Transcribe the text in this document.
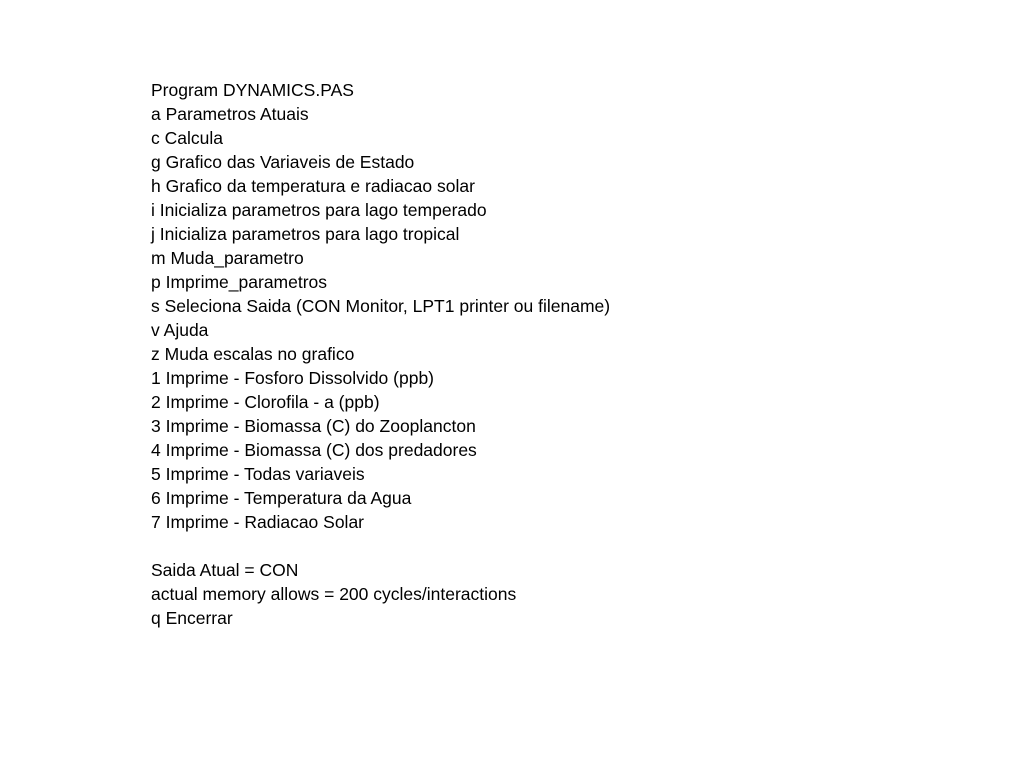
Program DYNAMICS.PAS
a Parametros Atuais
c Calcula
g Grafico das Variaveis de Estado
h Grafico da temperatura e radiacao solar
i Inicializa parametros para lago temperado
j Inicializa parametros para lago tropical
m Muda_parametro
p Imprime_parametros
s Seleciona Saida (CON Monitor, LPT1 printer ou filename)
v Ajuda
z Muda escalas no grafico
1 Imprime - Fosforo Dissolvido (ppb)
2 Imprime - Clorofila - a (ppb)
3 Imprime - Biomassa (C) do Zooplancton
4 Imprime - Biomassa (C) dos predadores
5 Imprime - Todas variaveis
6 Imprime - Temperatura da Agua
7 Imprime - Radiacao Solar
Saida Atual = CON
actual memory allows = 200 cycles/interactions
q Encerrar
